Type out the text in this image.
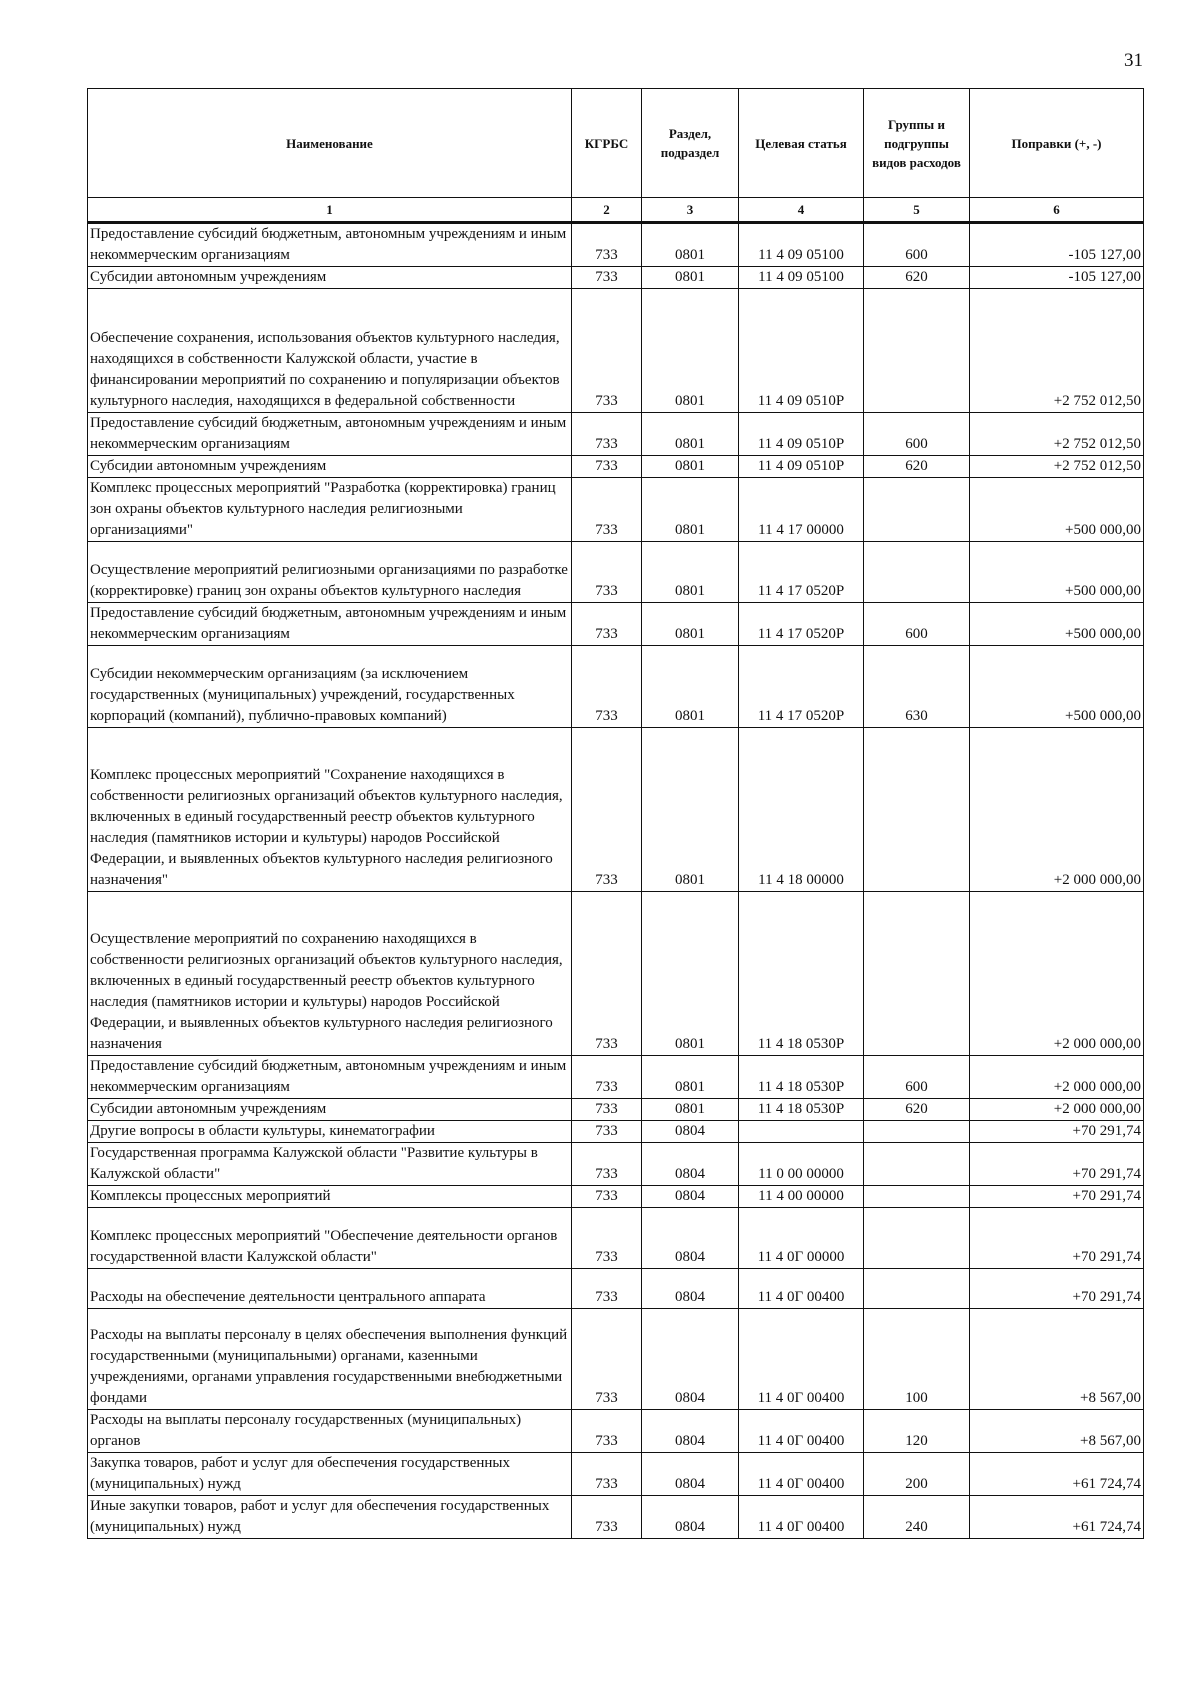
31
Наименование	КГРБС	Раздел, подраздел	Целевая статья	Группы и подгруппы видов расходов	Поправки (+, -)
1	2	3	4	5	6
Предоставление субсидий бюджетным, автономным учреждениям и иным некоммерческим организациям	733	0801	11 4 09 05100	600	-105 127,00
Субсидии автономным учреждениям	733	0801	11 4 09 05100	620	-105 127,00
Обеспечение сохранения, использования объектов культурного наследия, находящихся в собственности Калужской области, участие в финансировании мероприятий по сохранению и популяризации объектов культурного наследия, находящихся в федеральной собственности	733	0801	11 4 09 0510Р		+2 752 012,50
Предоставление субсидий бюджетным, автономным учреждениям и иным некоммерческим организациям	733	0801	11 4 09 0510Р	600	+2 752 012,50
Субсидии автономным учреждениям	733	0801	11 4 09 0510Р	620	+2 752 012,50
Комплекс процессных мероприятий "Разработка (корректировка) границ зон охраны объектов культурного наследия религиозными организациями"	733	0801	11 4 17 00000		+500 000,00
Осуществление мероприятий религиозными организациями по разработке (корректировке) границ зон охраны объектов культурного наследия	733	0801	11 4 17 0520Р		+500 000,00
Предоставление субсидий бюджетным, автономным учреждениям и иным некоммерческим организациям	733	0801	11 4 17 0520Р	600	+500 000,00
Субсидии некоммерческим организациям (за исключением государственных (муниципальных) учреждений, государственных корпораций (компаний), публично-правовых компаний)	733	0801	11 4 17 0520Р	630	+500 000,00
Комплекс процессных мероприятий "Сохранение находящихся в собственности религиозных организаций объектов культурного наследия, включенных в единый государственный реестр объектов культурного наследия (памятников истории и культуры) народов Российской Федерации, и выявленных объектов культурного наследия религиозного назначения"	733	0801	11 4 18 00000		+2 000 000,00
Осуществление мероприятий по сохранению находящихся в собственности религиозных организаций объектов культурного наследия, включенных в единый государственный реестр объектов культурного наследия (памятников истории и культуры) народов Российской Федерации, и выявленных объектов культурного наследия религиозного назначения	733	0801	11 4 18 0530Р		+2 000 000,00
Предоставление субсидий бюджетным, автономным учреждениям и иным некоммерческим организациям	733	0801	11 4 18 0530Р	600	+2 000 000,00
Субсидии автономным учреждениям	733	0801	11 4 18 0530Р	620	+2 000 000,00
Другие вопросы в области культуры, кинематографии	733	0804			+70 291,74
Государственная программа Калужской области "Развитие культуры в Калужской области"	733	0804	11 0 00 00000		+70 291,74
Комплексы процессных мероприятий	733	0804	11 4 00 00000		+70 291,74
Комплекс процессных мероприятий "Обеспечение деятельности органов государственной власти Калужской области"	733	0804	11 4 0Г 00000		+70 291,74
Расходы на обеспечение деятельности центрального аппарата	733	0804	11 4 0Г 00400		+70 291,74
Расходы на выплаты персоналу в целях обеспечения выполнения функций государственными (муниципальными) органами, казенными учреждениями, органами управления государственными внебюджетными фондами	733	0804	11 4 0Г 00400	100	+8 567,00
Расходы на выплаты персоналу государственных (муниципальных) органов	733	0804	11 4 0Г 00400	120	+8 567,00
Закупка товаров, работ и услуг для обеспечения государственных (муниципальных) нужд	733	0804	11 4 0Г 00400	200	+61 724,74
Иные закупки товаров, работ и услуг для обеспечения государственных (муниципальных) нужд	733	0804	11 4 0Г 00400	240	+61 724,74
